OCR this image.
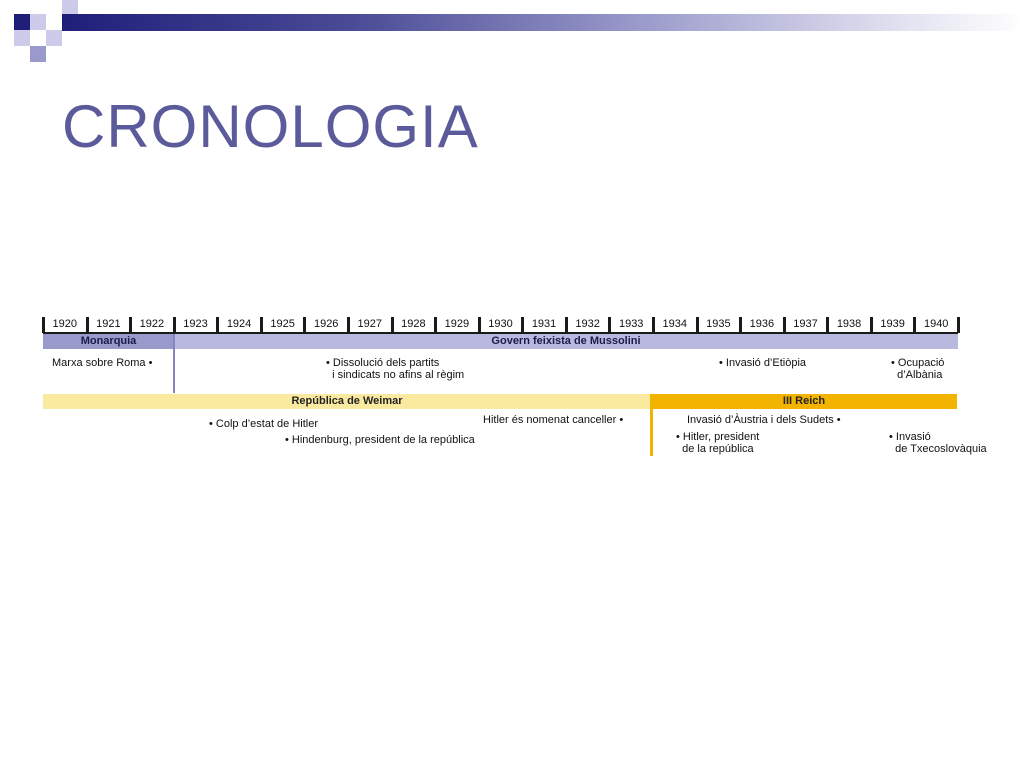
CRONOLOGIA
1920	1921	1922	1923	1924	1925	1926	1927	1928	1929	1930	1931	1932	1933	1934	1935	1936	1937	1938	1939	1940
Monarquia	Govern feixista de Mussolini
Marxa sobre Roma •	• Dissolució dels partits
i sindicats no afins al règim
• Invasió d’Etiòpia	• Ocupació
d’Albània
República de Weimar	III Reich
• Colp d’estat de Hitler
• Hindenburg, president de la república
Hitler és nomenat canceller •	Invasió d’Àustria i dels Sudets •
• Hitler, president
de la república
• Invasió
de Txecoslovàquia
